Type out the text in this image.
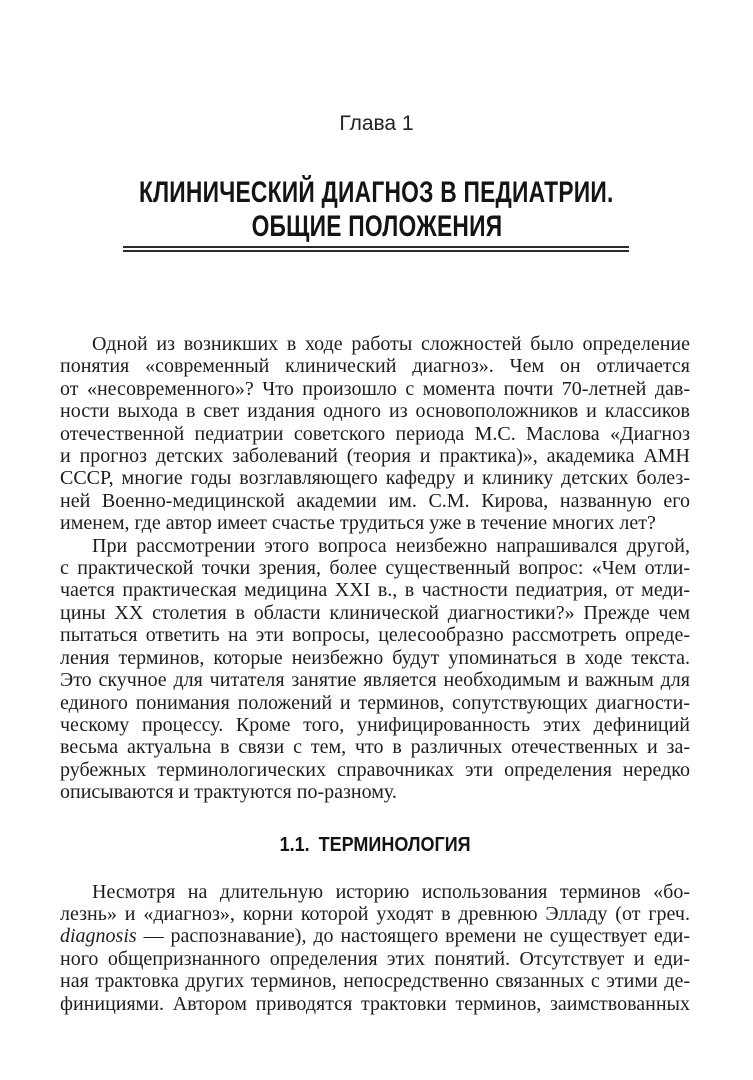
Глава 1
КЛИНИЧЕСКИЙ ДИАГНОЗ В ПЕДИАТРИИ.
ОБЩИЕ ПОЛОЖЕНИЯ
Одной из возникших в ходе работы сложностей было определение
понятия «современный клинический диагноз». Чем он отличается
от «несовременного»? Что произошло с момента почти 70-летней дав-
ности выхода в свет издания одного из основоположников и классиков
отечественной педиатрии советского периода М.С. Маслова «Диагноз
и прогноз детских заболеваний (теория и практика)», академика АМН
СССР, многие годы возглавляющего кафедру и клинику детских болез-
ней Военно-медицинской академии им. С.М. Кирова, названную его
именем, где автор имеет счастье трудиться уже в течение многих лет?
При рассмотрении этого вопроса неизбежно напрашивался другой,
с практической точки зрения, более существенный вопрос: «Чем отли-
чается практическая медицина XXI в., в частности педиатрия, от меди-
цины XX столетия в области клинической диагностики?» Прежде чем
пытаться ответить на эти вопросы, целесообразно рассмотреть опреде-
ления терминов, которые неизбежно будут упоминаться в ходе текста.
Это скучное для читателя занятие является необходимым и важным для
единого понимания положений и терминов, сопутствующих диагности-
ческому процессу. Кроме того, унифицированность этих дефиниций
весьма актуальна в связи с тем, что в различных отечественных и за-
рубежных терминологических справочниках эти определения нередко
описываются и трактуются по-разному.
1.1. ТЕРМИНОЛОГИЯ
Несмотря на длительную историю использования терминов «бо-
лезнь» и «диагноз», корни которой уходят в древнюю Элладу (от греч.
diagnosis — распознавание), до настоящего времени не существует еди-
ного общепризнанного определения этих понятий. Отсутствует и еди-
ная трактовка других терминов, непосредственно связанных с этими де-
финициями. Автором приводятся трактовки терминов, заимствованных
